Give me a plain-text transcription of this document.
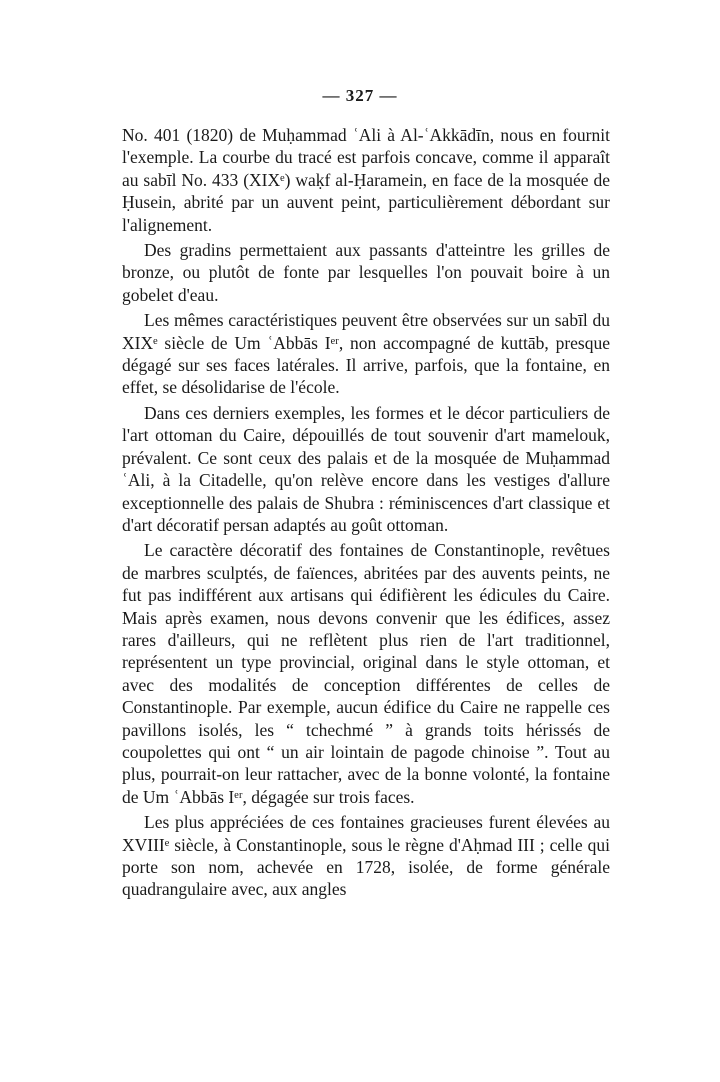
— 327 —

No. 401 (1820) de Muḥammad ʿAli à Al-ʿAkkādīn, nous en fournit l'exemple. La courbe du tracé est parfois concave, comme il apparaît au sabīl No. 433 (XIXᵉ) waḳf al-Ḥaramein, en face de la mosquée de Ḥusein, abrité par un auvent peint, particulièrement débordant sur l'alignement.

Des gradins permettaient aux passants d'atteintre les grilles de bronze, ou plutôt de fonte par lesquelles l'on pouvait boire à un gobelet d'eau.

Les mêmes caractéristiques peuvent être observées sur un sabīl du XIXᵉ siècle de Um ʿAbbās Iᵉʳ, non accompagné de kuttāb, presque dégagé sur ses faces latérales. Il arrive, parfois, que la fontaine, en effet, se désolidarise de l'école.

Dans ces derniers exemples, les formes et le décor particuliers de l'art ottoman du Caire, dépouillés de tout souvenir d'art mamelouk, prévalent. Ce sont ceux des palais et de la mosquée de Muḥammad ʿAli, à la Citadelle, qu'on relève encore dans les vestiges d'allure exceptionnelle des palais de Shubra : réminiscences d'art classique et d'art décoratif persan adaptés au goût ottoman.

Le caractère décoratif des fontaines de Constantinople, revêtues de marbres sculptés, de faïences, abritées par des auvents peints, ne fut pas indifférent aux artisans qui édifièrent les édicules du Caire. Mais après examen, nous devons convenir que les édifices, assez rares d'ailleurs, qui ne reflètent plus rien de l'art traditionnel, représentent un type provincial, original dans le style ottoman, et avec des modalités de conception différentes de celles de Constantinople. Par exemple, aucun édifice du Caire ne rappelle ces pavillons isolés, les “ tchechmé ” à grands toits hérissés de coupolettes qui ont “ un air lointain de pagode chinoise ”. Tout au plus, pourrait-on leur rattacher, avec de la bonne volonté, la fontaine de Um ʿAbbās Iᵉʳ, dégagée sur trois faces.

Les plus appréciées de ces fontaines gracieuses furent élevées au XVIIIᵉ siècle, à Constantinople, sous le règne d'Aḥmad III ; celle qui porte son nom, achevée en 1728, isolée, de forme générale quadrangulaire avec, aux angles
